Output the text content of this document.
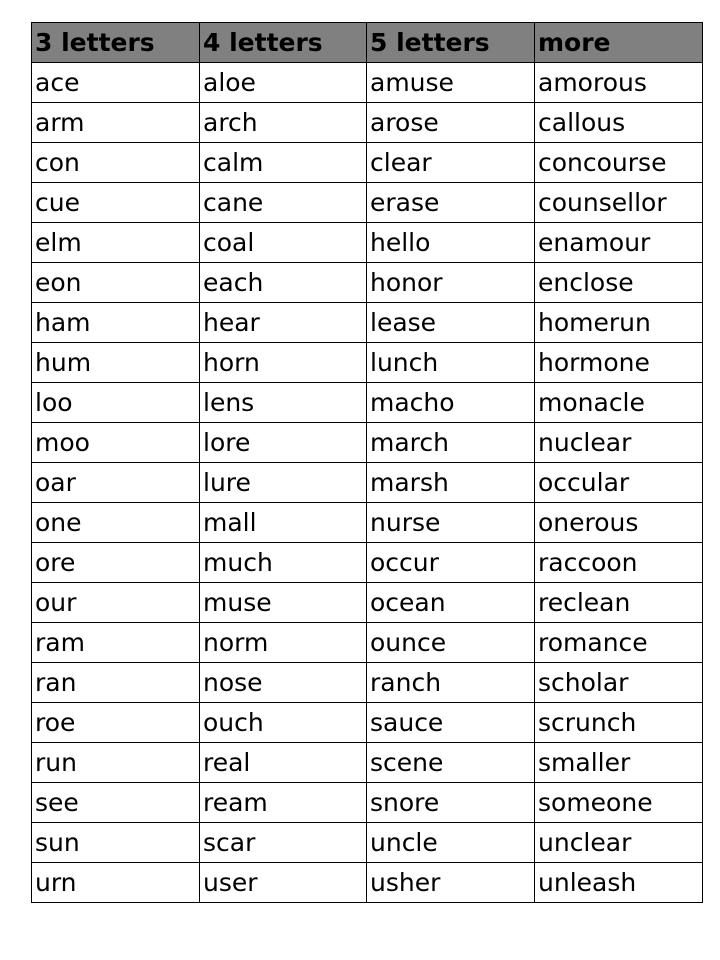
3 letters	4 letters	5 letters	more
ace	aloe	amuse	amorous
arm	arch	arose	callous
con	calm	clear	concourse
cue	cane	erase	counsellor
elm	coal	hello	enamour
eon	each	honor	enclose
ham	hear	lease	homerun
hum	horn	lunch	hormone
loo	lens	macho	monacle
moo	lore	march	nuclear
oar	lure	marsh	occular
one	mall	nurse	onerous
ore	much	occur	raccoon
our	muse	ocean	reclean
ram	norm	ounce	romance
ran	nose	ranch	scholar
roe	ouch	sauce	scrunch
run	real	scene	smaller
see	ream	snore	someone
sun	scar	uncle	unclear
urn	user	usher	unleash
